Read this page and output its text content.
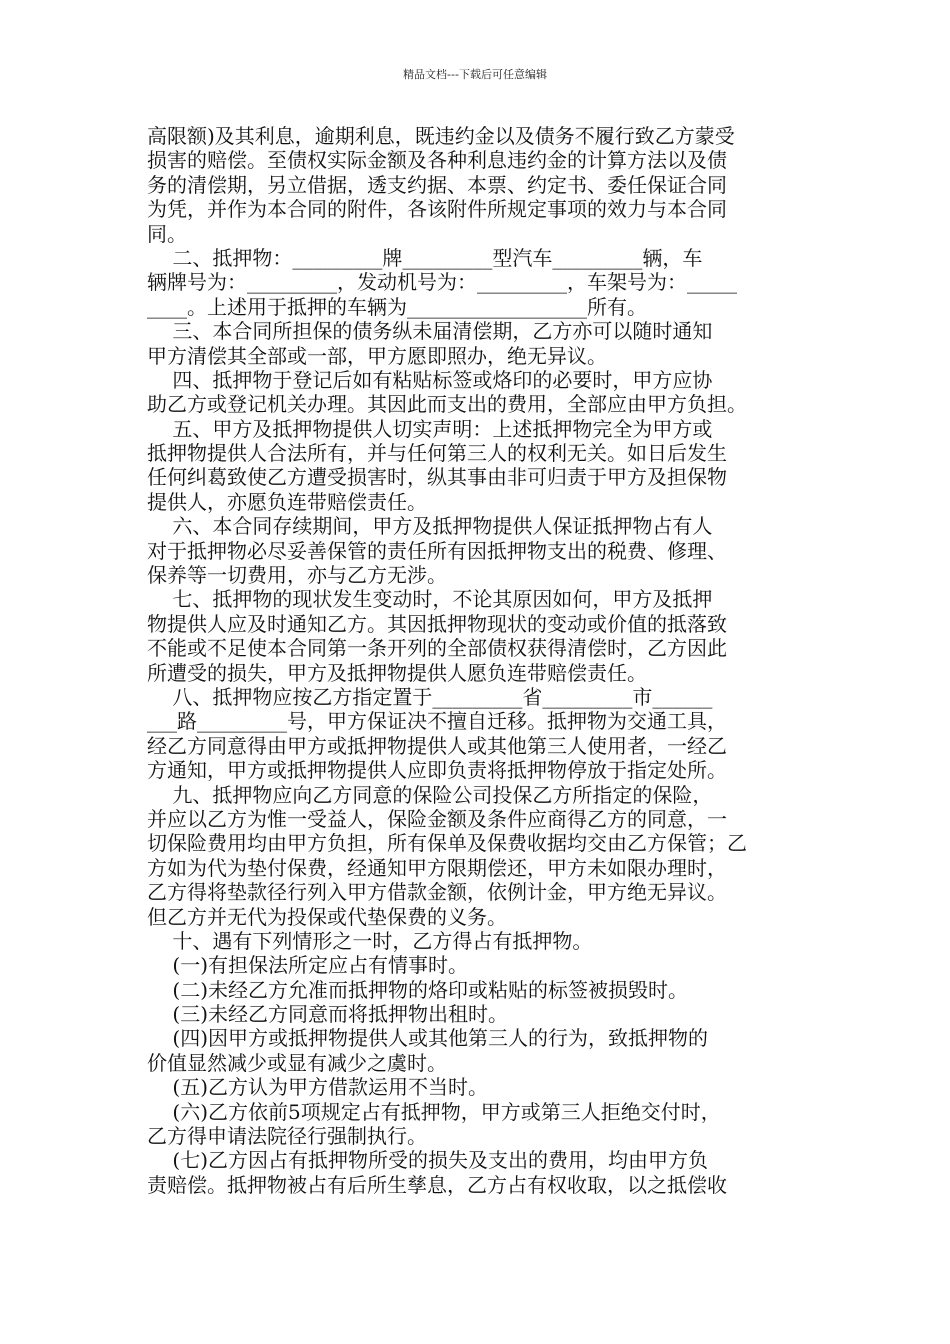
精品文档---下载后可任意编辑
高限额)及其利息，逾期利息，既违约金以及债务不履行致乙方蒙受
损害的赔偿。至债权实际金额及各种利息违约金的计算方法以及债
务的清偿期，另立借据，透支约据、本票、约定书、委任保证合同
为凭，并作为本合同的附件，各该附件所规定事项的效力与本合同
同。
二、抵押物：_________牌_________型汽车_________辆，车
辆牌号为：_________，发动机号为：_________，车架号为：_____
____。上述用于抵押的车辆为__________________所有。
三、本合同所担保的债务纵未届清偿期，乙方亦可以随时通知
甲方清偿其全部或一部，甲方愿即照办，绝无异议。
四、抵押物于登记后如有粘贴标签或烙印的必要时，甲方应协
助乙方或登记机关办理。其因此而支出的费用，全部应由甲方负担。
五、甲方及抵押物提供人切实声明：上述抵押物完全为甲方或
抵押物提供人合法所有，并与任何第三人的权利无关。如日后发生
任何纠葛致使乙方遭受损害时，纵其事由非可归责于甲方及担保物
提供人，亦愿负连带赔偿责任。
六、本合同存续期间，甲方及抵押物提供人保证抵押物占有人
对于抵押物必尽妥善保管的责任所有因抵押物支出的税费、修理、
保养等一切费用，亦与乙方无涉。
七、抵押物的现状发生变动时，不论其原因如何，甲方及抵押
物提供人应及时通知乙方。其因抵押物现状的变动或价值的抵落致
不能或不足使本合同第一条开列的全部债权获得清偿时，乙方因此
所遭受的损失，甲方及抵押物提供人愿负连带赔偿责任。
八、抵押物应按乙方指定置于_________省_________市______
___路_________号，甲方保证决不擅自迁移。抵押物为交通工具，
经乙方同意得由甲方或抵押物提供人或其他第三人使用者，一经乙
方通知，甲方或抵押物提供人应即负责将抵押物停放于指定处所。
九、抵押物应向乙方同意的保险公司投保乙方所指定的保险，
并应以乙方为惟一受益人，保险金额及条件应商得乙方的同意，一
切保险费用均由甲方负担，所有保单及保费收据均交由乙方保管；乙
方如为代为垫付保费，经通知甲方限期偿还，甲方未如限办理时，
乙方得将垫款径行列入甲方借款金额，依例计金，甲方绝无异议。
但乙方并无代为投保或代垫保费的义务。
十、遇有下列情形之一时，乙方得占有抵押物。
(一)有担保法所定应占有情事时。
(二)未经乙方允准而抵押物的烙印或粘贴的标签被损毁时。
(三)未经乙方同意而将抵押物出租时。
(四)因甲方或抵押物提供人或其他第三人的行为，致抵押物的
价值显然减少或显有减少之虞时。
(五)乙方认为甲方借款运用不当时。
(六)乙方依前5项规定占有抵押物，甲方或第三人拒绝交付时，
乙方得申请法院径行强制执行。
(七)乙方因占有抵押物所受的损失及支出的费用，均由甲方负
责赔偿。抵押物被占有后所生孳息，乙方占有权收取，以之抵偿收
